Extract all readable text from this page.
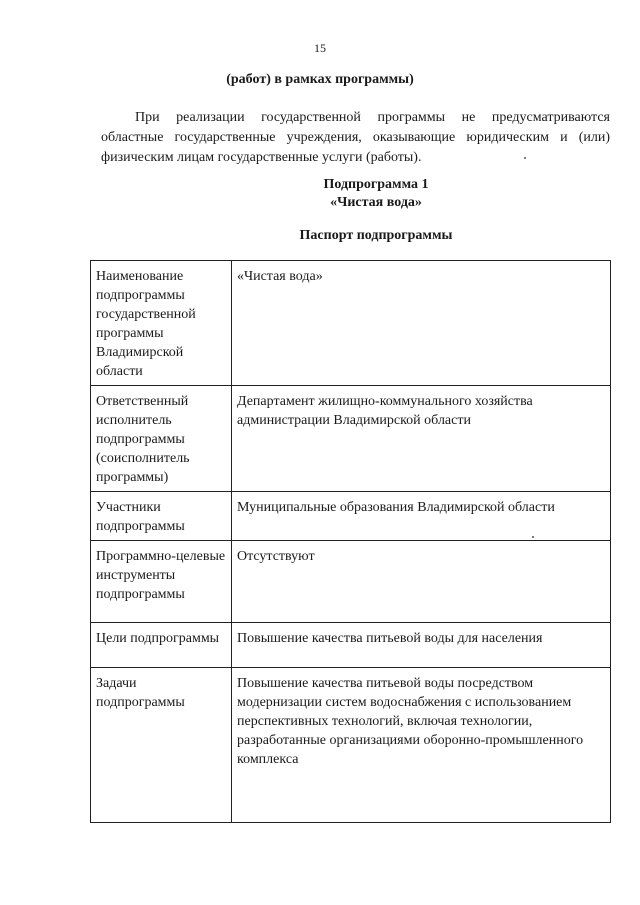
15
(работ) в рамках программы)

При реализации государственной программы не предусматриваются областные государственные учреждения, оказывающие юридическим и (или) физическим лицам государственные услуги (работы).

Подпрограмма 1
«Чистая вода»
Паспорт подпрограммы
Наименование подпрограммы государственной программы Владимирской области	«Чистая вода»
Ответственный исполнитель подпрограммы (соисполнитель программы)	Департамент жилищно-коммунального хозяйства администрации Владимирской области
Участники подпрограммы	Муниципальные образования Владимирской области
Программно-целевые инструменты подпрограммы	Отсутствуют
Цели подпрограммы	Повышение качества питьевой воды для населения
Задачи подпрограммы	Повышение качества питьевой воды посредством модернизации систем водоснабжения с использованием перспективных технологий, включая технологии, разработанные организациями оборонно-промышленного комплекса
